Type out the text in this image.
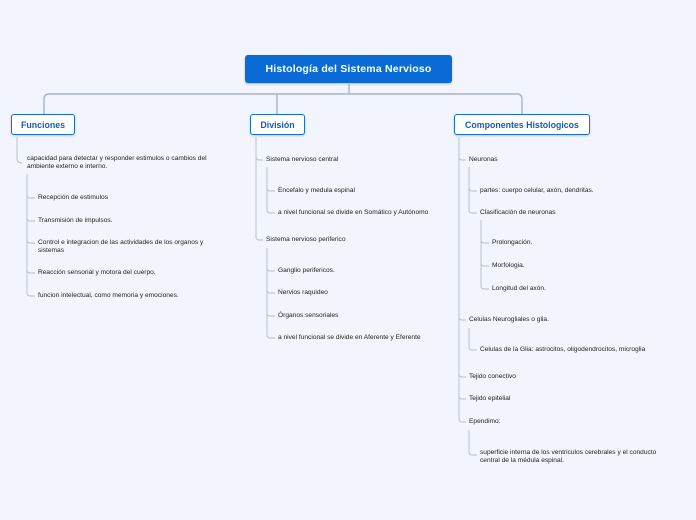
Histología del Sistema Nervioso
Funciones
capacidad para detectar y responder estimulos o cambios del
ambiente externo e interno.
Recepción de estimulos
Transmisión de impulsos.
Control e integracion de las actividades de los organos y
sistemas
Reacción sensorial y motora del cuerpo.
funcion intelectual, como memoria y emociones.
División
Sistema nervioso central
Encefalo y medula espinal
a nivel funcional se divide en Somático y Autónomo
Sistema nervioso periferico
Ganglio perifericos.
Nervios raquideo
Órganos sensoriales
a nivel funcional se divide en Aferente y Eferente
Componentes Histologicos
Neuronas
partes: cuerpo celular, axón, dendritas.
Clasificación de neuronas
Prolongación.
Morfologia.
Longitud del axón.
Celulas Neurogliales o glia.
Celulas de la Glia: astrocitos, oligodendrocitos, microglia
Tejido conectivo
Tejido epitelial
Ependimo:
superficie interna de los ventriculos cerebrales y el conducto
central de la médula espinal.
